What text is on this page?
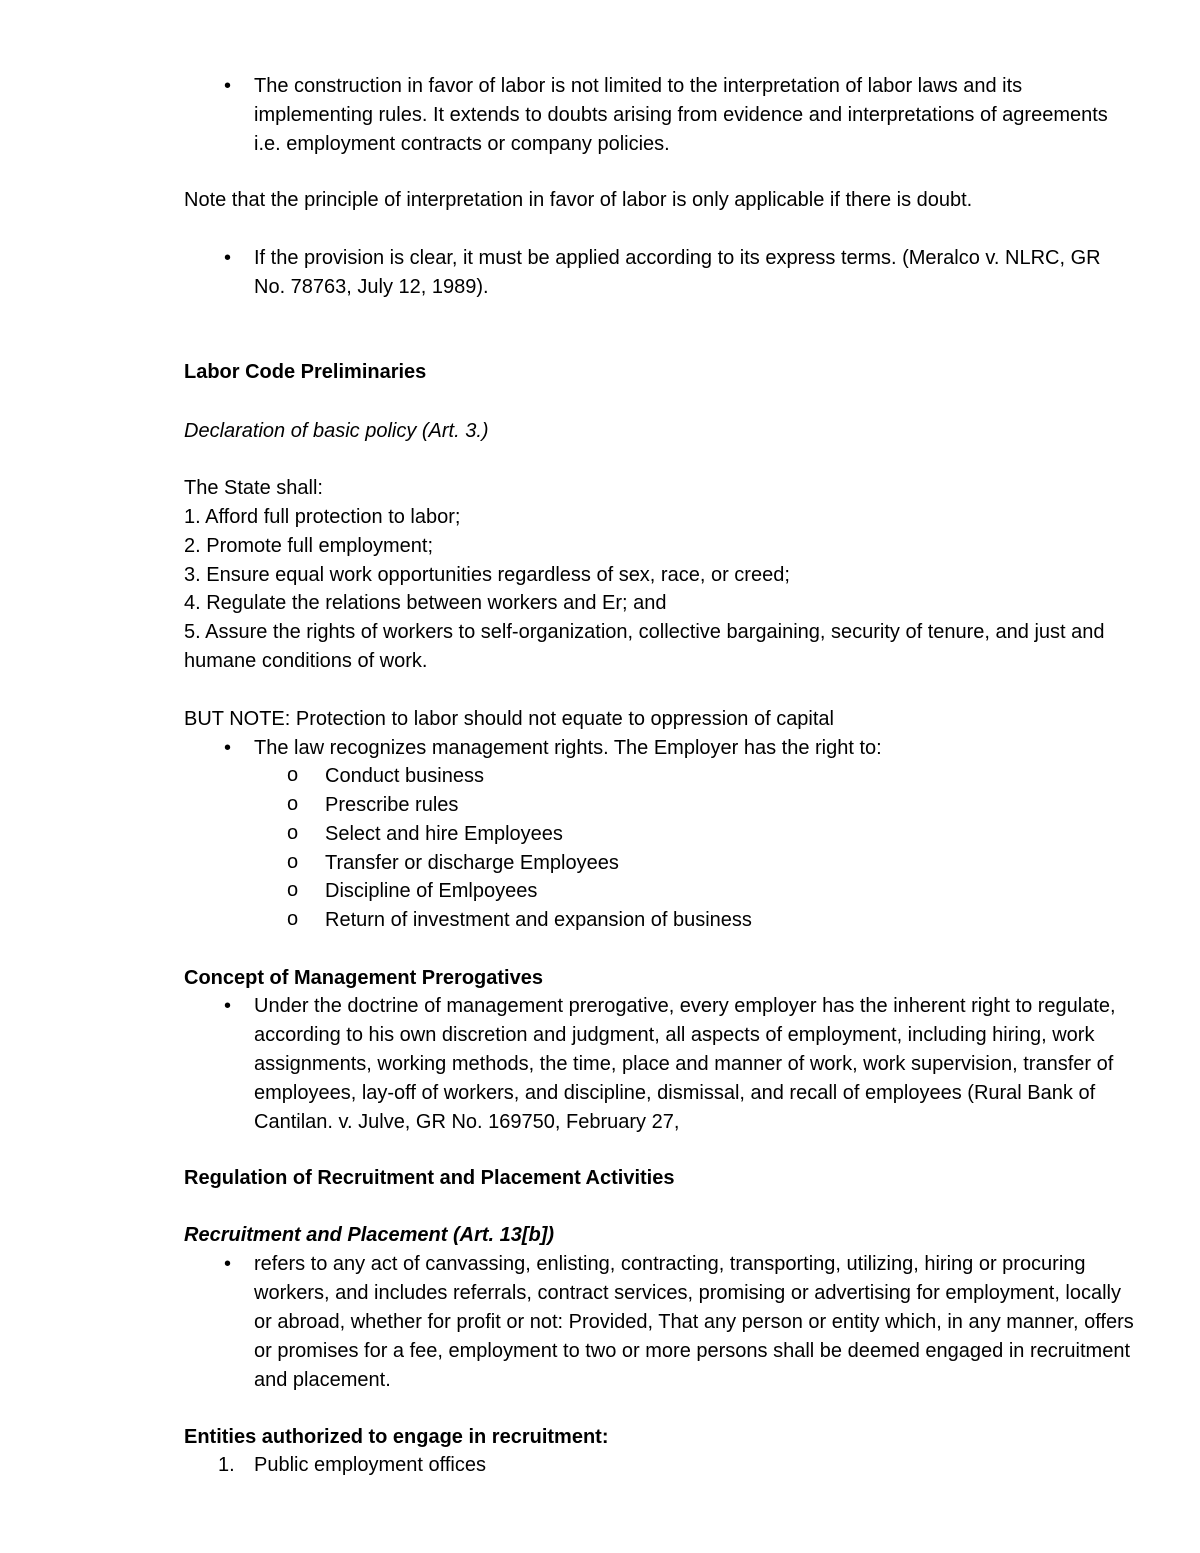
• The construction in favor of labor is not limited to the interpretation of labor laws and its implementing rules. It extends to doubts arising from evidence and interpretations of agreements i.e. employment contracts or company policies.

Note that the principle of interpretation in favor of labor is only applicable if there is doubt.

• If the provision is clear, it must be applied according to its express terms. (Meralco v. NLRC, GR No. 78763, July 12, 1989).

Labor Code Preliminaries

Declaration of basic policy (Art. 3.)

The State shall:

1. Afford full protection to labor;

2. Promote full employment;

3. Ensure equal work opportunities regardless of sex, race, or creed;

4. Regulate the relations between workers and Er; and

5. Assure the rights of workers to self-organization, collective bargaining, security of tenure, and just and humane conditions of work.

BUT NOTE: Protection to labor should not equate to oppression of capital

• The law recognizes management rights. The Employer has the right to:

o Conduct business

o Prescribe rules

o Select and hire Employees

o Transfer or discharge Employees

o Discipline of Emlpoyees

o Return of investment and expansion of business

Concept of Management Prerogatives

• Under the doctrine of management prerogative, every employer has the inherent right to regulate, according to his own discretion and judgment, all aspects of employment, including hiring, work assignments, working methods, the time, place and manner of work, work supervision, transfer of employees, lay-off of workers, and discipline, dismissal, and recall of employees (Rural Bank of Cantilan. v. Julve, GR No. 169750, February 27,

Regulation of Recruitment and Placement Activities

Recruitment and Placement (Art. 13[b])

• refers to any act of canvassing, enlisting, contracting, transporting, utilizing, hiring or procuring workers, and includes referrals, contract services, promising or advertising for employment, locally or abroad, whether for profit or not: Provided, That any person or entity which, in any manner, offers or promises for a fee, employment to two or more persons shall be deemed engaged in recruitment and placement.

Entities authorized to engage in recruitment:

1. Public employment offices
